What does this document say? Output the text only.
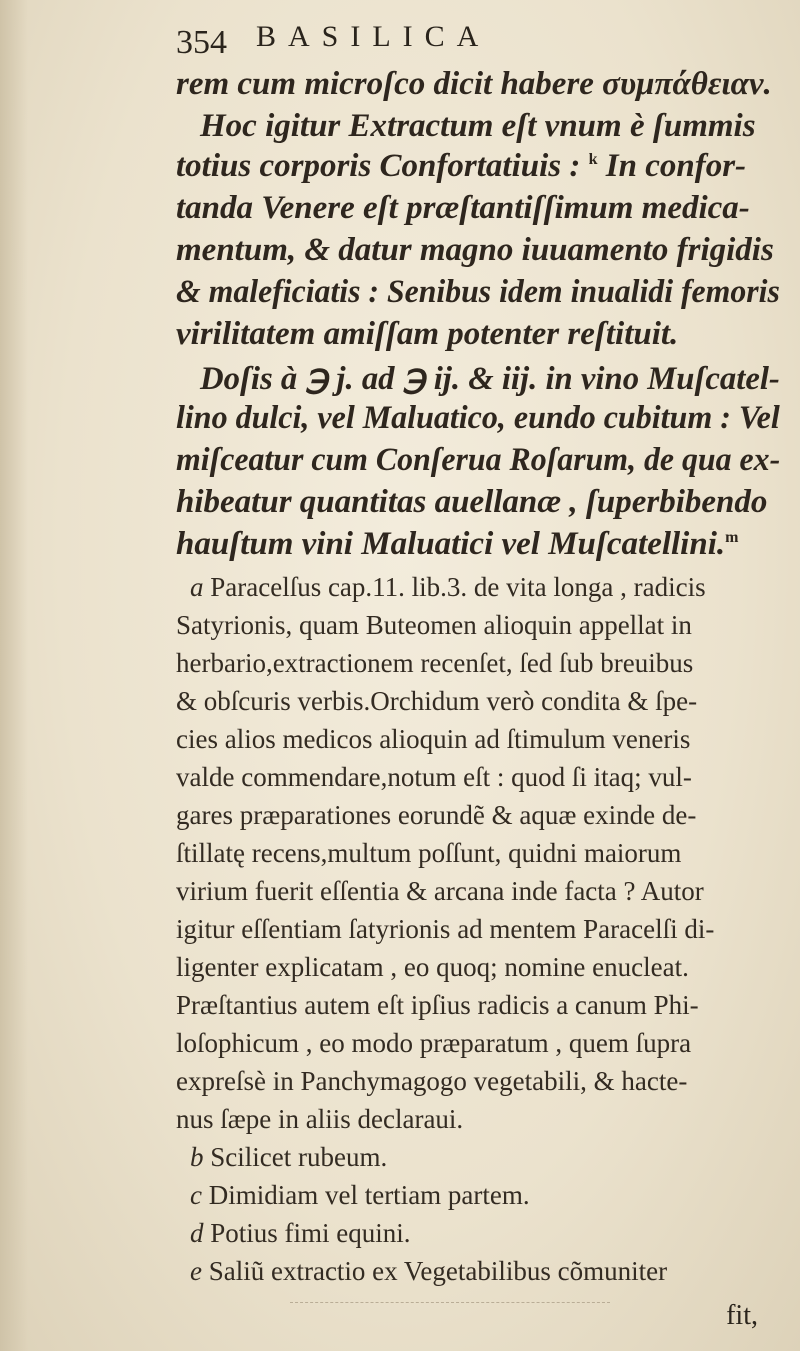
354 BASILICA
rem cum microſco dicit habere συμπάθειαν.
Hoc igitur Extractum eſt vnum è ſummis
totius corporis Confortatiuis : $^k$ In confor-
tanda Venere eſt præſtantiſſimum medica-
mentum, & datur magno iuuamento frigidis
& maleficiatis : Senibus idem inualidi femoris
virilitatem amiſſam potenter reſtituit.
Doſis à ℈ j. ad ℈ ij. & iij. in vino Muſcatel-
lino dulci, vel Maluatico, eundo cubitum : Vel
miſceatur cum Conſerua Roſarum, de qua ex-
hibeatur quantitas auellanæ , ſuperbibendo
hauſtum vini Maluatici vel Muſcatellini.$^m$
a Paracelſus cap.11. lib.3. de vita longa , radicis
Satyrionis, quam Buteomen alioquin appellat in
herbario,extractionem recenſet, ſed ſub breuibus
& obſcuris verbis.Orchidum verò condita & ſpe-
cies alios medicos alioquin ad ſtimulum veneris
valde commendare,notum eſt : quod ſi itaq; vul-
gares præparationes eorundẽ & aquæ exinde de-
ſtillatę recens,multum poſſunt, quidni maiorum
virium fuerit eſſentia & arcana inde facta ? Autor
igitur eſſentiam ſatyrionis ad mentem Paracelſi di-
ligenter explicatam , eo quoq; nomine enucleat.
Præſtantius autem eſt ipſius radicis a canum Phi-
loſophicum , eo modo præparatum , quem ſupra
expreſsè in Panchymagogo vegetabili, & hacte-
nus ſæpe in aliis declaraui.
b Scilicet rubeum.
c Dimidiam vel tertiam partem.
d Potius fimi equini.
e Saliũ extractio ex Vegetabilibus cõmuniter
fit,
